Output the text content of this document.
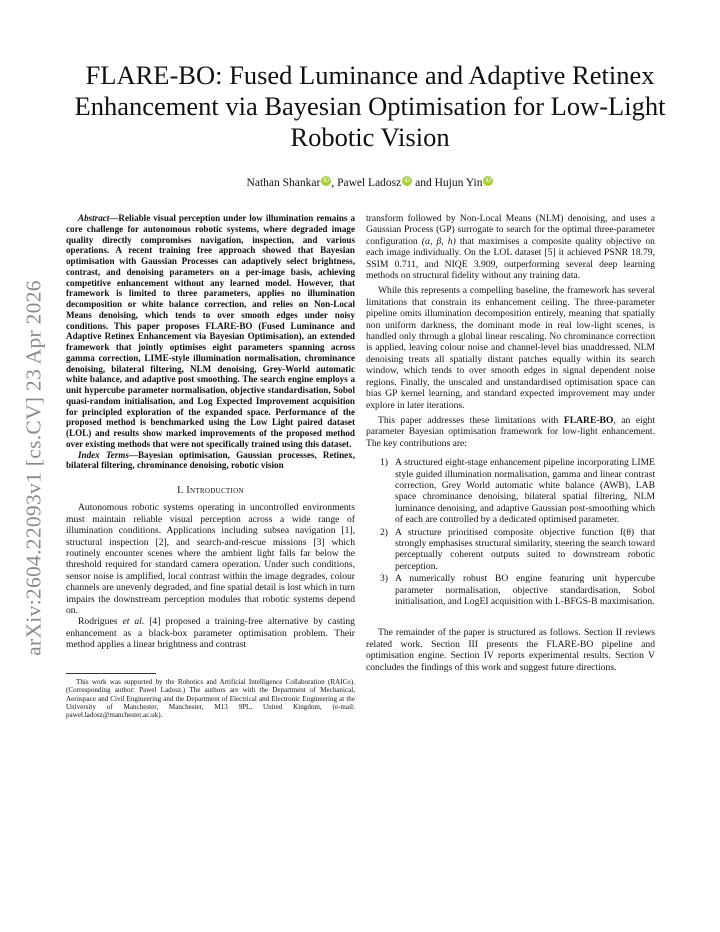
arXiv:2604.22093v1 [cs.CV] 23 Apr 2026
FLARE-BO: Fused Luminance and Adaptive Retinex Enhancement via Bayesian Optimisation for Low-Light Robotic Vision
Nathan Shankar iD , Pawel Ladosz iD and Hujun Yin iD

Abstract—Reliable visual perception under low illumination remains a core challenge for autonomous robotic systems, where degraded image quality directly compromises navigation, inspection, and various operations. A recent training free approach showed that Bayesian optimisation with Gaussian Processes can adaptively select brightness, contrast, and denoising parameters on a per-image basis, achieving competitive enhancement without any learned model. However, that framework is limited to three parameters, applies no illumination decomposition or white balance correction, and relies on Non-Local Means denoising, which tends to over smooth edges under noisy conditions. This paper proposes FLARE-BO (Fused Luminance and Adaptive Retinex Enhancement via Bayesian Optimisation), an extended framework that jointly optimises eight parameters spanning across gamma correction, LIME-style illumination normalisation, chrominance denoising, bilateral filtering, NLM denoising, Grey-World automatic white balance, and adaptive post smoothing. The search engine employs a unit hypercube parameter normalisation, objective standardisation, Sobol quasi-random initialisation, and Log Expected Improvement acquisition for principled exploration of the expanded space. Performance of the proposed method is benchmarked using the Low Light paired dataset (LOL) and results show marked improvements of the proposed method over existing methods that were not specifically trained using this dataset.

Index Terms—Bayesian optimisation, Gaussian processes, Retinex, bilateral filtering, chrominance denoising, robotic vision

I. Introduction

Autonomous robotic systems operating in uncontrolled environments must maintain reliable visual perception across a wide range of illumination conditions. Applications including subsea navigation [1], structural inspection [2], and search-and-rescue missions [3] which routinely encounter scenes where the ambient light falls far below the threshold required for standard camera operation. Under such conditions, sensor noise is amplified, local contrast within the image degrades, colour channels are unevenly degraded, and fine spatial detail is lost which in turn impairs the downstream perception modules that robotic systems depend on.

Rodrigues et al. [4] proposed a training-free alternative by casting enhancement as a black-box parameter optimisation problem. Their method applies a linear brightness and contrast

This work was supported by the Robotics and Artificial Intelligence Collaboration (RAICo). (Corresponding author: Pawel Ladosz.) The authors are with the Department of Mechanical, Aerospace and Civil Engineering and the Department of Electrical and Electronic Engineering at the University of Manchester, Manchester, M13 9PL, United Kingdom, (e-mail: pawel.ladosz@manchester.ac.uk).

transform followed by Non-Local Means (NLM) denoising, and uses a Gaussian Process (GP) surrogate to search for the optimal three-parameter configuration (α, β, h) that maximises a composite quality objective on each image individually. On the LOL dataset [5] it achieved PSNR 18.79, SSIM 0.711, and NIQE 3.909, outperforming several deep learning methods on structural fidelity without any training data.

While this represents a compelling baseline, the framework has several limitations that constrain its enhancement ceiling. The three-parameter pipeline omits illumination decomposition entirely, meaning that spatially non uniform darkness, the dominant mode in real low-light scenes, is handled only through a global linear rescaling. No chrominance correction is applied, leaving colour noise and channel-level bias unaddressed. NLM denoising treats all spatially distant patches equally within its search window, which tends to over smooth edges in signal dependent noise regions. Finally, the unscaled and unstandardised optimisation space can bias GP kernel learning, and standard expected improvement may under explore in later iterations.

This paper addresses these limitations with FLARE-BO, an eight parameter Bayesian optimisation framework for low-light enhancement. The key contributions are:

1) A structured eight-stage enhancement pipeline incorporating LIME style guided illumination normalisation, gamma and linear contrast correction, Grey World automatic white balance (AWB), LAB space chrominance denoising, bilateral spatial filtering, NLM luminance denoising, and adaptive Gaussian post-smoothing which of each are controlled by a dedicated optimised parameter.
2) A structure prioritised composite objective function f(θ) that strongly emphasises structural similarity, steering the search toward perceptually coherent outputs suited to downstream robotic perception.
3) A numerically robust BO engine featuring unit hypercube parameter normalisation, objective standardisation, Sobol initialisation, and LogEI acquisition with L-BFGS-B maximisation.

The remainder of the paper is structured as follows. Section II reviews related work. Section III presents the FLARE-BO pipeline and optimisation engine. Section IV reports experimental results. Section V concludes the findings of this work and suggest future directions.
